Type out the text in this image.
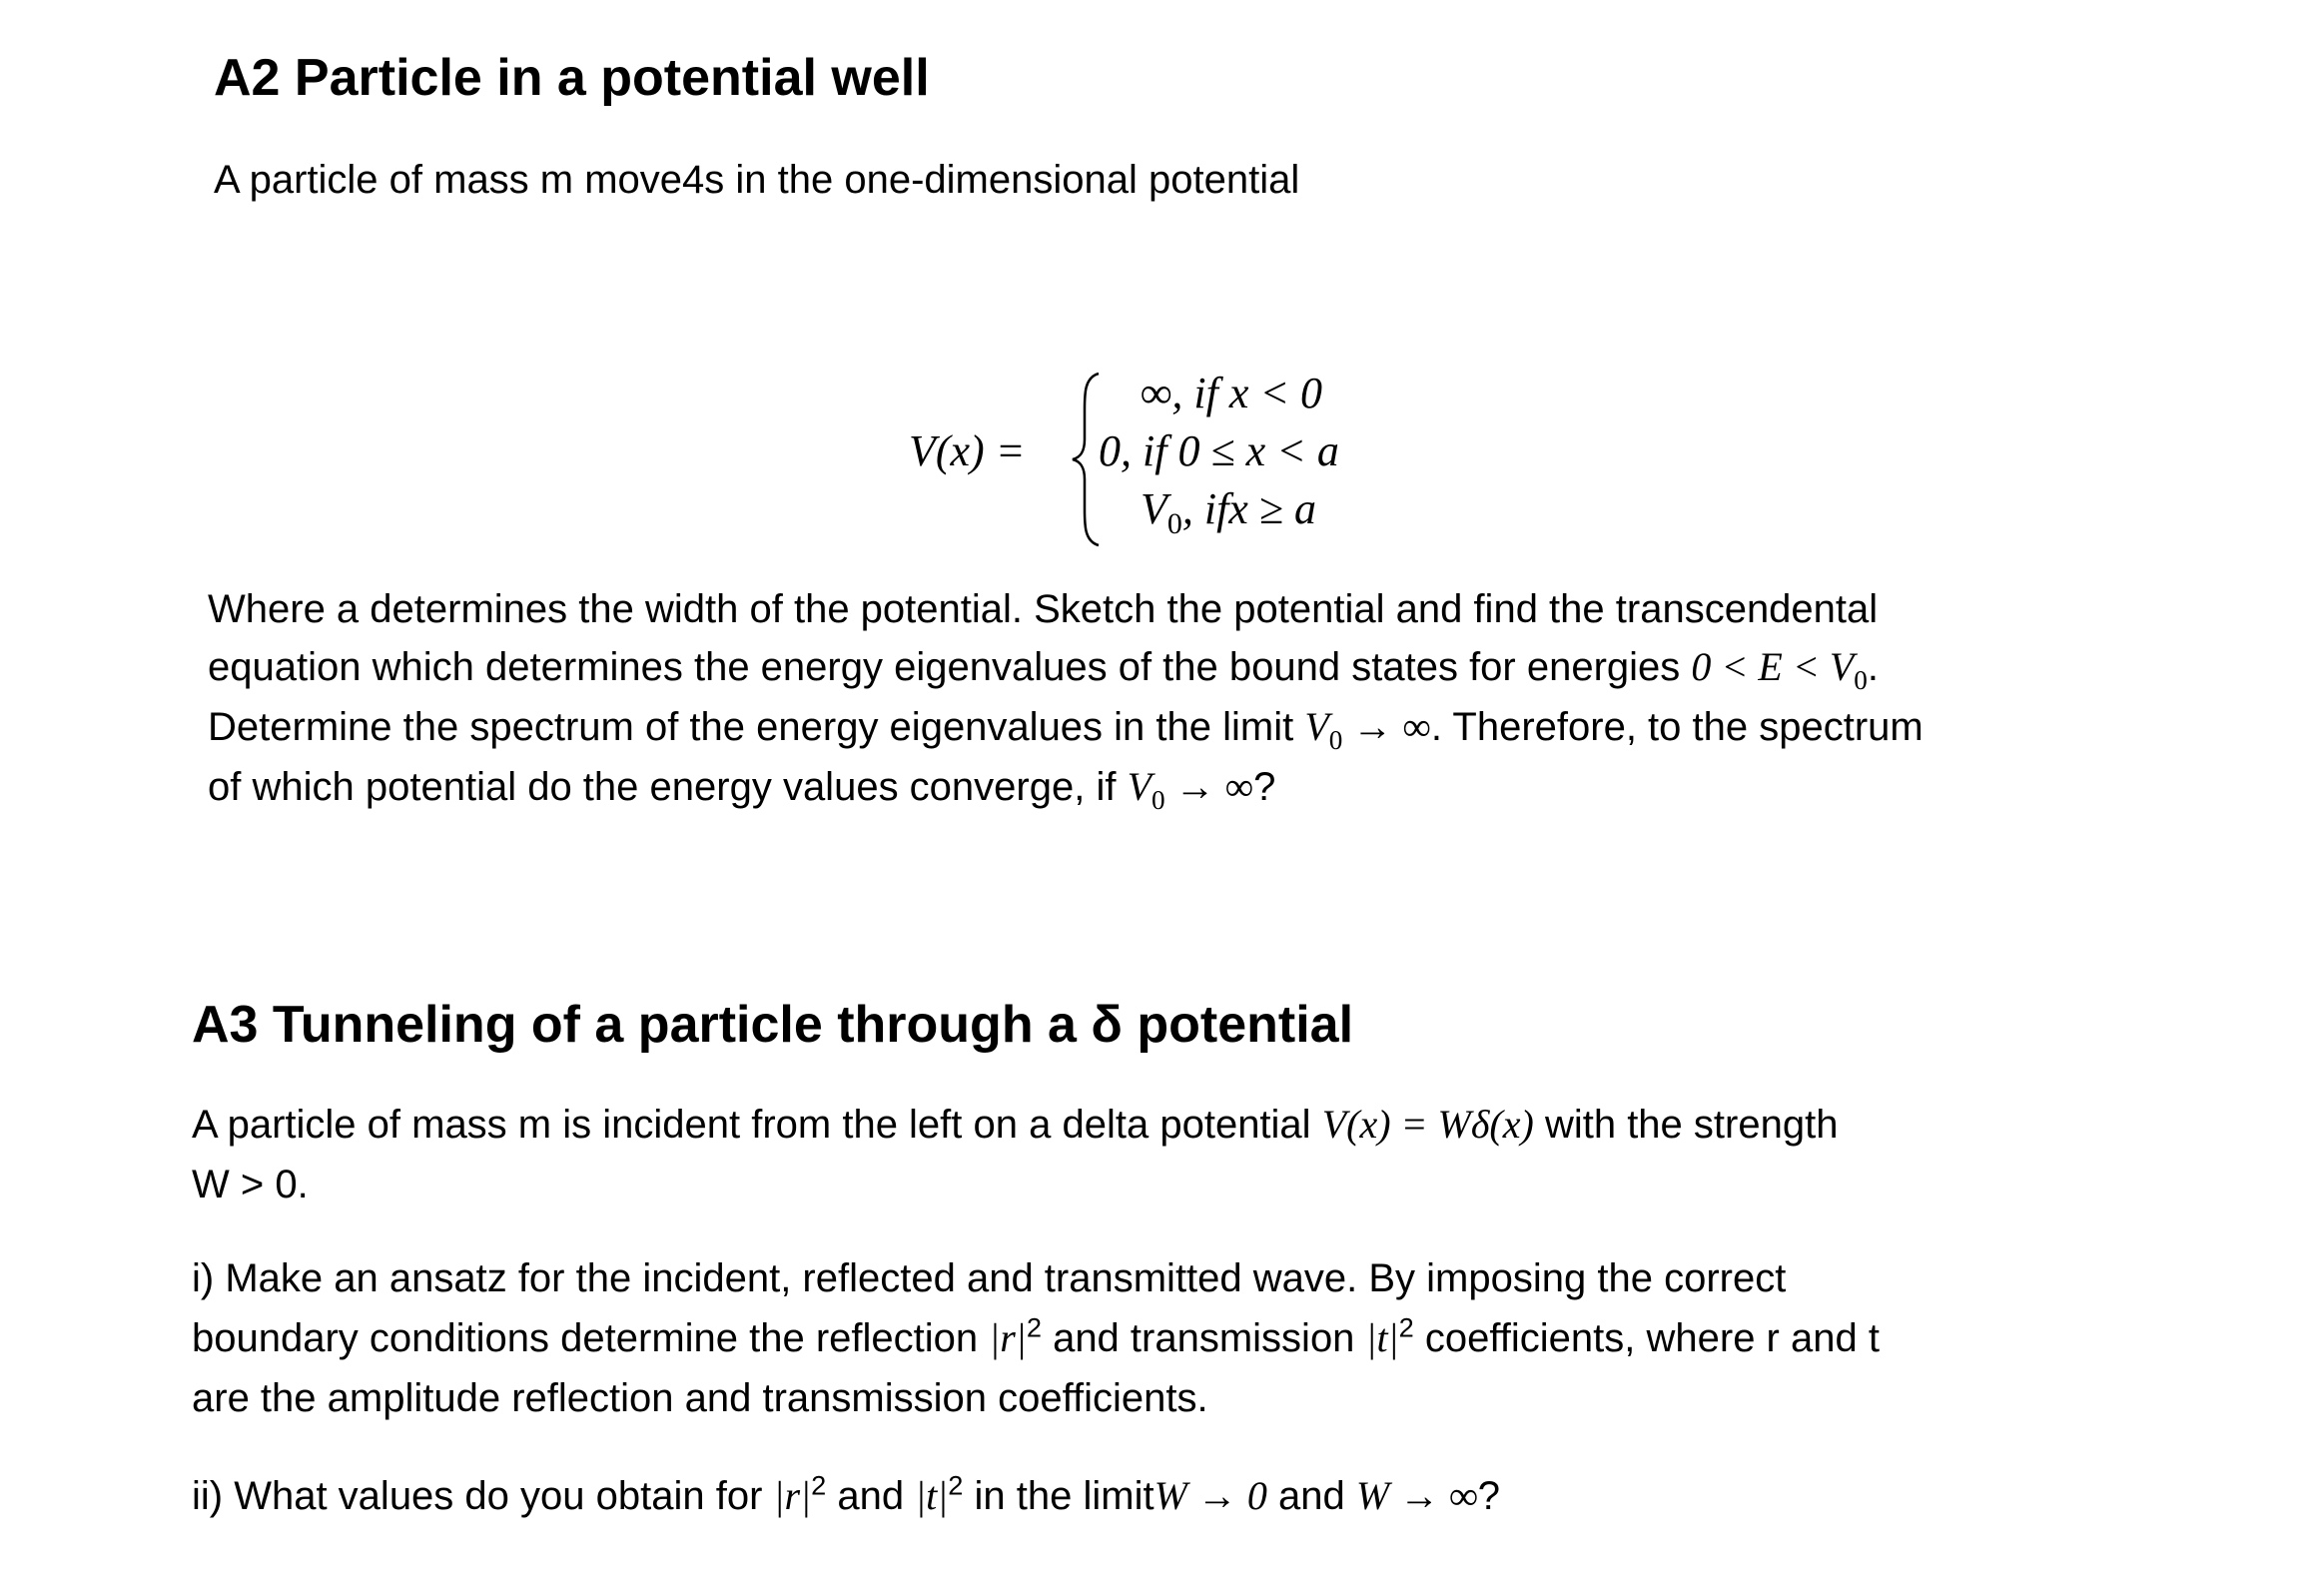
A2 Particle in a potential well
A particle of mass m move4s in the one-dimensional potential
V(x) =
∞, if x < 0
0, if 0 ≤ x < a
$V_0$, ifx ≥ a
Where a determines the width of the potential. Sketch the potential and find the transcendental
equation which determines the energy eigenvalues of the bound states for energies $0 < E < V_0$.
Determine the spectrum of the energy eigenvalues in the limit $V_0$ → ∞. Therefore, to the spectrum
of which potential do the energy values converge, if $V_0$ → ∞?
A3 Tunneling of a particle through a δ potential
A particle of mass m is incident from the left on a delta potential V(x) = Wδ(x) with the strength
W > 0.
i) Make an ansatz for the incident, reflected and transmitted wave. By imposing the correct
boundary conditions determine the reflection $|r|^2$ and transmission $|t|^2$ coefficients, where r and t
are the amplitude reflection and transmission coefficients.
ii) What values do you obtain for $|r|^2$ and $|t|^2$ in the limitW → 0 and W → ∞?
